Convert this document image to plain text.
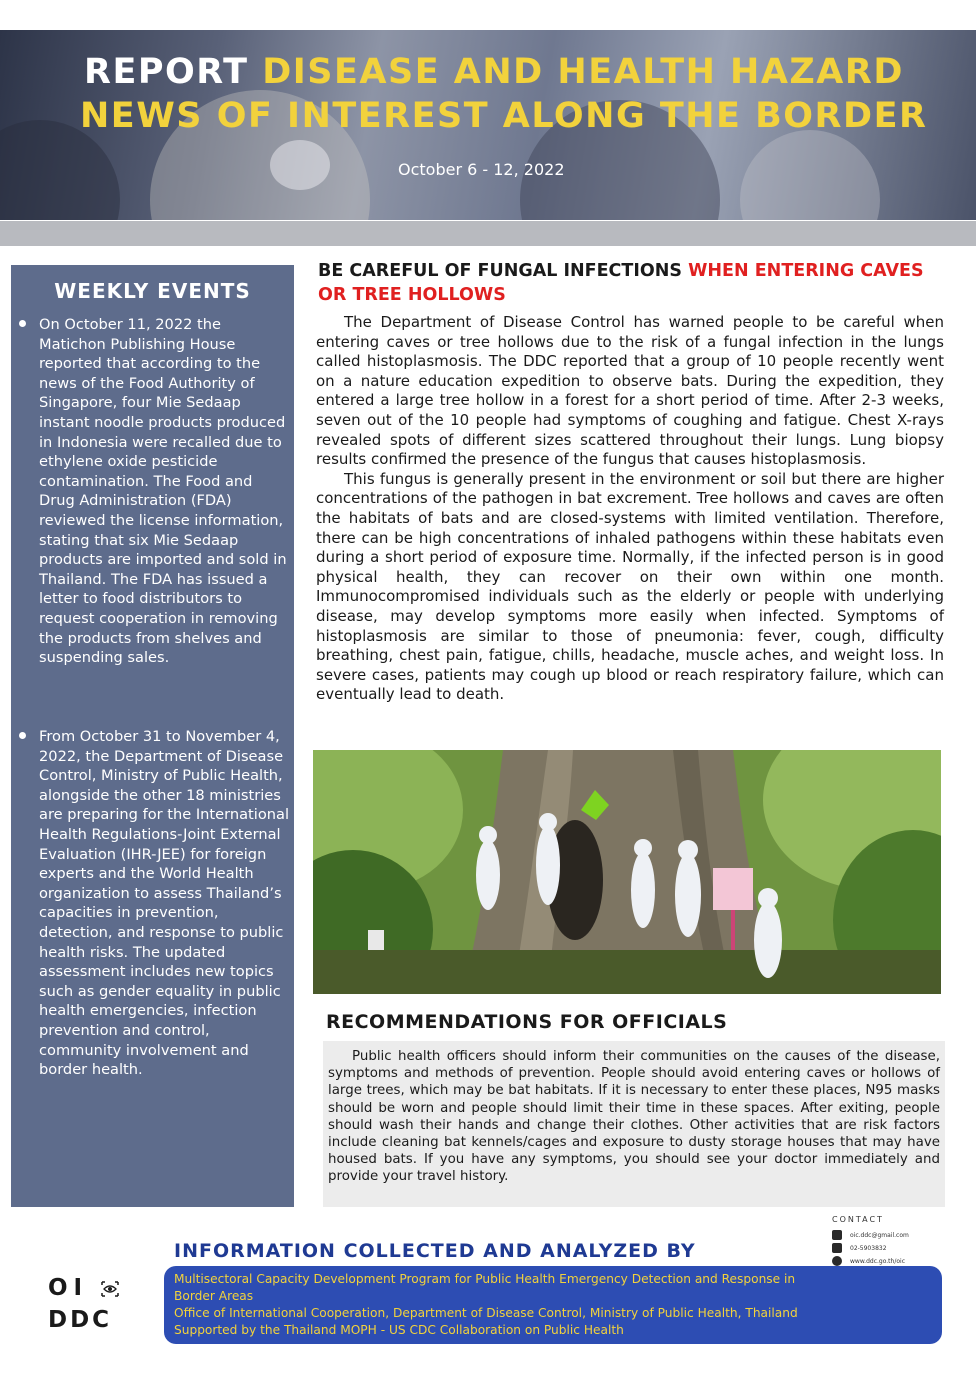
REPORT DISEASE AND HEALTH HAZARD
NEWS OF INTEREST ALONG THE BORDER
October 6 - 12, 2022
WEEKLY EVENTS
On October 11, 2022 the Matichon Publishing House reported that according to the news of the Food Authority of Singapore, four Mie Sedaap instant noodle products produced in Indonesia were recalled due to ethylene oxide pesticide contamination. The Food and Drug Administration (FDA) reviewed the license information, stating that six Mie Sedaap products are imported and sold in Thailand. The FDA has issued a letter to food distributors to request cooperation in removing the products from shelves and suspending sales.
From October 31 to November 4, 2022, the Department of Disease Control, Ministry of Public Health, alongside the other 18 ministries are preparing for the International Health Regulations-Joint External Evaluation (IHR-JEE) for foreign experts and the World Health organization to assess Thailand’s capacities in prevention, detection, and response to public health risks. The updated assessment includes new topics such as gender equality in public health emergencies, infection prevention and control, community involvement and border health.
BE CAREFUL OF FUNGAL INFECTIONS WHEN ENTERING CAVES OR TREE HOLLOWS

The Department of Disease Control has warned people to be careful when entering caves or tree hollows due to the risk of a fungal infection in the lungs called histoplasmosis. The DDC reported that a group of 10 people recently went on a nature education expedition to observe bats. During the expedition, they entered a large tree hollow in a forest for a short period of time. After 2-3 weeks, seven out of the 10 people had symptoms of coughing and fatigue. Chest X-rays revealed spots of different sizes scattered throughout their lungs. Lung biopsy results confirmed the presence of the fungus that causes histoplasmosis.

This fungus is generally present in the environment or soil but there are higher concentrations of the pathogen in bat excrement. Tree hollows and caves are often the habitats of bats and are closed-systems with limited ventilation. Therefore, there can be high concentrations of inhaled pathogens within these habitats even during a short period of exposure time. Normally, if the infected person is in good physical health, they can recover on their own within one month. Immunocompromised individuals such as the elderly or people with underlying disease, may develop symptoms more easily when infected. Symptoms of histoplasmosis are similar to those of pneumonia: fever, cough, difficulty breathing, chest pain, fatigue, chills, headache, muscle aches, and weight loss. In severe cases, patients may cough up blood or reach respiratory failure, which can eventually lead to death.

RECOMMENDATIONS FOR OFFICIALS

Public health officers should inform their communities on the causes of the disease, symptoms and methods of prevention. People should avoid entering caves or hollows of large trees, which may be bat habitats. If it is necessary to enter these places, N95 masks should be worn and people should limit their time in these spaces. After exiting, people should wash their hands and change their clothes. Other activities that are risk factors include cleaning bat kennels/cages and exposure to dusty storage houses that may have housed bats. If you have any symptoms, you should see your doctor immediately and provide your travel history.

CONTACT
oic.ddc@gmail.com
02-5903832
www.ddc.go.th/oic
INFORMATION COLLECTED AND ANALYZED BY
Multisectoral Capacity Development Program for Public Health Emergency Detection and Response in
Border Areas
Office of International Cooperation, Department of Disease Control, Ministry of Public Health, Thailand
Supported by the Thailand MOPH - US CDC Collaboration on Public Health
OI
DDC
